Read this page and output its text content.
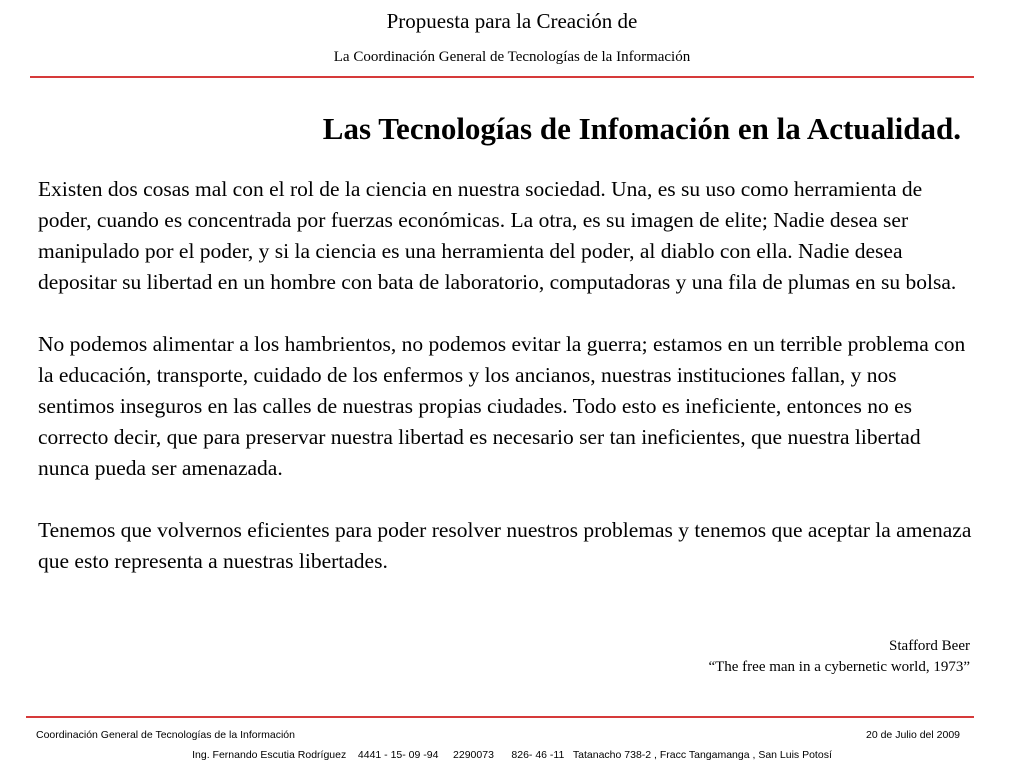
Propuesta para la Creación de
La Coordinación General de Tecnologías de la Información
Las Tecnologías de Infomación en la Actualidad.

Existen dos cosas mal con el rol de la ciencia en nuestra sociedad. Una, es su uso como herramienta de poder, cuando es concentrada por fuerzas económicas. La otra, es su imagen de elite; Nadie desea ser manipulado por el poder, y si la ciencia es una herramienta del poder, al diablo con ella. Nadie desea depositar su libertad en un hombre con bata de laboratorio, computadoras y una fila de plumas en su bolsa.

No podemos alimentar a los hambrientos, no podemos evitar la guerra; estamos en un terrible problema con la educación, transporte, cuidado de los enfermos y los ancianos, nuestras instituciones fallan, y nos sentimos inseguros en las calles de nuestras propias ciudades. Todo esto es ineficiente, entonces no es correcto decir, que para preservar nuestra libertad es necesario ser tan ineficientes, que nuestra libertad nunca pueda ser amenazada.

Tenemos que volvernos eficientes para poder resolver nuestros problemas y tenemos que aceptar la amenaza que esto representa a nuestras libertades.

Stafford Beer
“The free man in a cybernetic world, 1973”
Coordinación General de Tecnologías de la Información	20 de Julio del 2009
Ing. Fernando Escutia Rodríguez    4441 - 15- 09 -94     2290073      826- 46 -11   Tatanacho 738-2 , Fracc Tangamanga , San Luis Potosí
